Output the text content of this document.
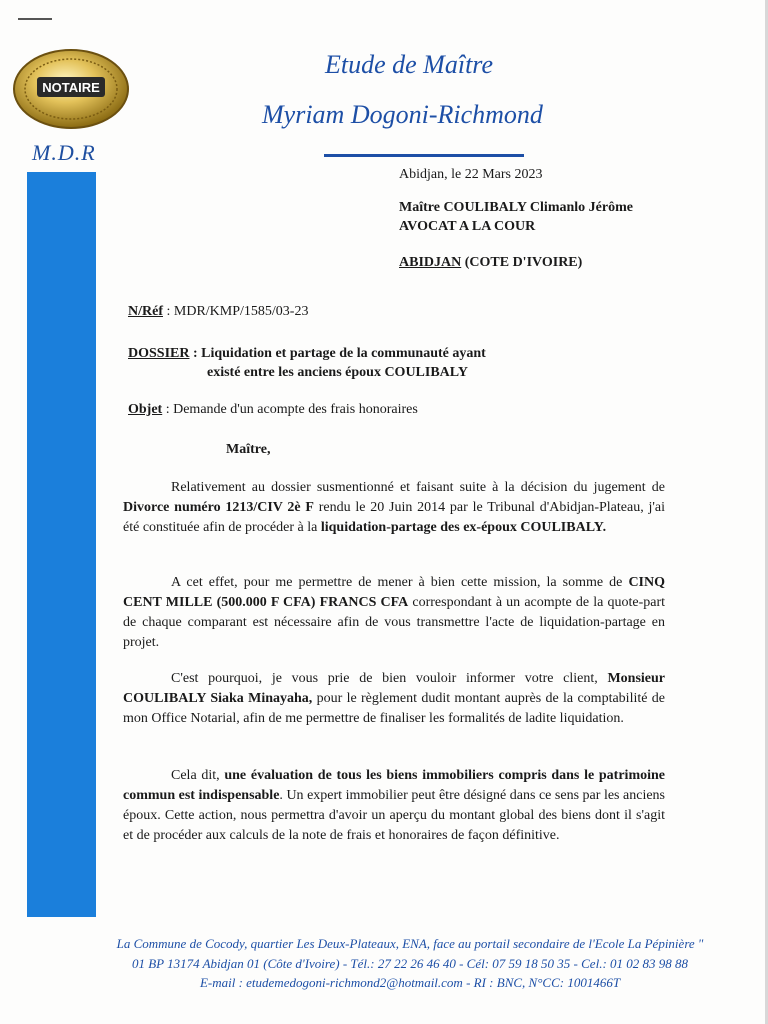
NOTAIRE
M.D.R
Etude de Maître
Myriam Dogoni-Richmond
Abidjan, le 22 Mars 2023
Maître COULIBALY Climanlo Jérôme
AVOCAT A LA COUR
ABIDJAN (COTE D'IVOIRE)
N/Réf : MDR/KMP/1585/03-23
DOSSIER : Liquidation et partage de la communauté ayant
existé entre les anciens époux COULIBALY
Objet : Demande d'un acompte des frais honoraires
Maître,
Relativement au dossier susmentionné et faisant suite à la décision du jugement de Divorce numéro 1213/CIV 2è F rendu le 20 Juin 2014 par le Tribunal d'Abidjan-Plateau, j'ai été constituée afin de procéder à la liquidation-partage des ex-époux COULIBALY.
A cet effet, pour me permettre de mener à bien cette mission, la somme de CINQ CENT MILLE (500.000 F CFA) FRANCS CFA correspondant à un acompte de la quote-part de chaque comparant est nécessaire afin de vous transmettre l'acte de liquidation-partage en projet.
C'est pourquoi, je vous prie de bien vouloir informer votre client, Monsieur COULIBALY Siaka Minayaha, pour le règlement dudit montant auprès de la comptabilité de mon Office Notarial, afin de me permettre de finaliser les formalités de ladite liquidation.
Cela dit, une évaluation de tous les biens immobiliers compris dans le patrimoine commun est indispensable. Un expert immobilier peut être désigné dans ce sens par les anciens époux. Cette action, nous permettra d'avoir un aperçu du montant global des biens dont il s'agit et de procéder aux calculs de la note de frais et honoraires de façon définitive.
La Commune de Cocody, quartier Les Deux-Plateaux, ENA, face au portail secondaire de l'Ecole La Pépinière "
01 BP 13174 Abidjan 01 (Côte d'Ivoire) - Tél.: 27 22 26 46 40 - Cél: 07 59 18 50 35 - Cel.: 01 02 83 98 88
E-mail : etudemedogoni-richmond2@hotmail.com - RI : BNC, N°CC: 1001466T
